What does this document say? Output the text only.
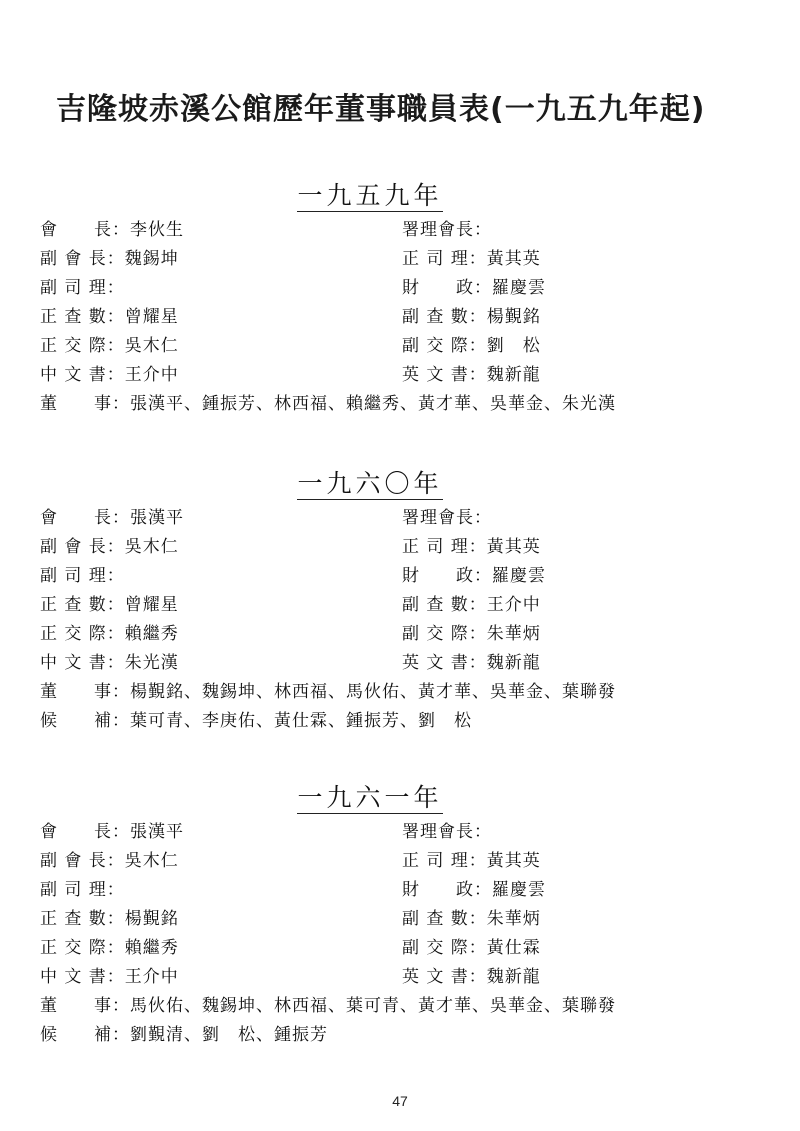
吉隆坡赤溪公館歷年董事職員表(一九五九年起)
一九五九年
會　　長：李伙生	署理會長：
副 會 長：魏錫坤	正 司 理：黃其英
副 司 理：	財　　政：羅慶雲
正 查 數：曾耀星	副 查 數：楊覲銘
正 交 際：吳木仁	副 交 際：劉　松
中 文 書：王介中	英 文 書：魏新龍
董　　事：張漢平、鍾振芳、林西福、賴繼秀、黃才華、吳華金、朱光漢
一九六〇年
會　　長：張漢平	署理會長：
副 會 長：吳木仁	正 司 理：黃其英
副 司 理：	財　　政：羅慶雲
正 查 數：曾耀星	副 查 數：王介中
正 交 際：賴繼秀	副 交 際：朱華炳
中 文 書：朱光漢	英 文 書：魏新龍
董　　事：楊覲銘、魏錫坤、林西福、馬伙佑、黃才華、吳華金、葉聯發
候　　補：葉可青、李庚佑、黃仕霖、鍾振芳、劉　松
一九六一年
會　　長：張漢平	署理會長：
副 會 長：吳木仁	正 司 理：黃其英
副 司 理：	財　　政：羅慶雲
正 查 數：楊覲銘	副 查 數：朱華炳
正 交 際：賴繼秀	副 交 際：黃仕霖
中 文 書：王介中	英 文 書：魏新龍
董　　事：馬伙佑、魏錫坤、林西福、葉可青、黃才華、吳華金、葉聯發
候　　補：劉覲清、劉　松、鍾振芳
47
